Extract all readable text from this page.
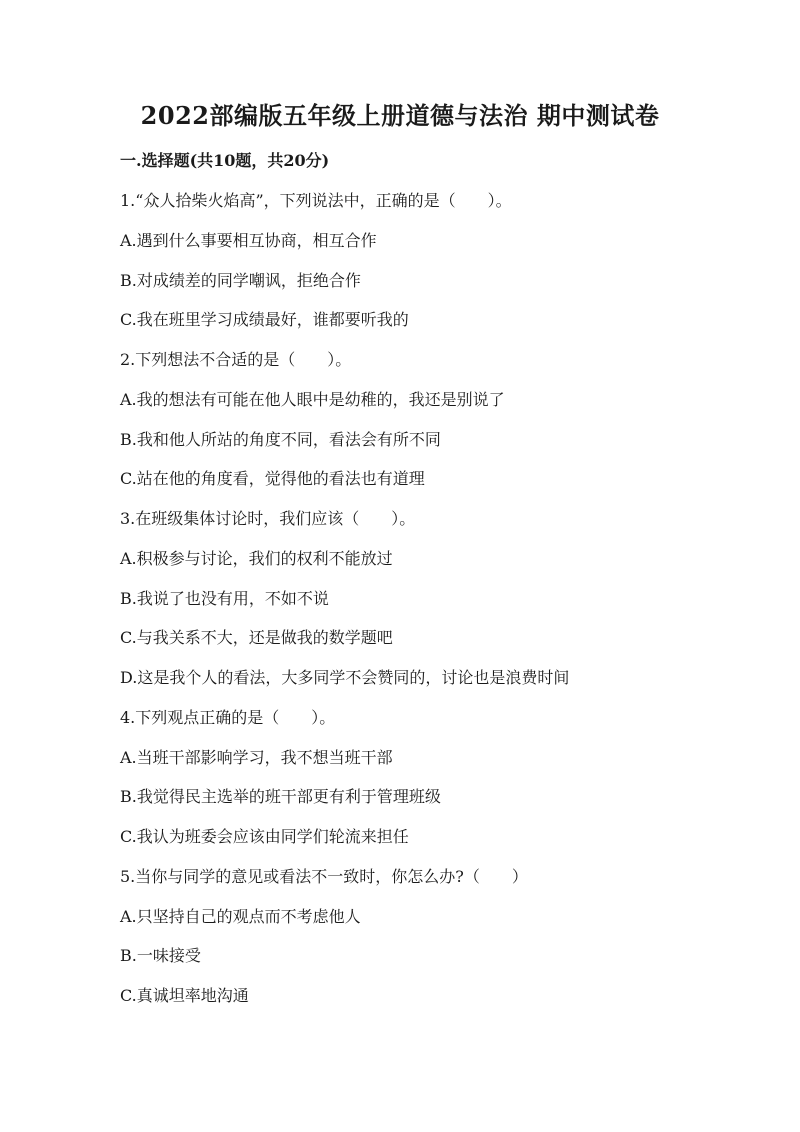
2022部编版五年级上册道德与法治 期中测试卷
一.选择题(共10题，共20分)
1.“众人拾柴火焰高”，下列说法中，正确的是（　　）。
A.遇到什么事要相互协商，相互合作
B.对成绩差的同学嘲讽，拒绝合作
C.我在班里学习成绩最好，谁都要听我的
2.下列想法不合适的是（　　）。
A.我的想法有可能在他人眼中是幼稚的，我还是别说了
B.我和他人所站的角度不同，看法会有所不同
C.站在他的角度看，觉得他的看法也有道理
3.在班级集体讨论时，我们应该（　　）。
A.积极参与讨论，我们的权利不能放过
B.我说了也没有用，不如不说
C.与我关系不大，还是做我的数学题吧
D.这是我个人的看法，大多同学不会赞同的，讨论也是浪费时间
4.下列观点正确的是（　　）。
A.当班干部影响学习，我不想当班干部
B.我觉得民主选举的班干部更有利于管理班级
C.我认为班委会应该由同学们轮流来担任
5.当你与同学的意见或看法不一致时，你怎么办?（　　）
A.只坚持自己的观点而不考虑他人
B.一味接受
C.真诚坦率地沟通
